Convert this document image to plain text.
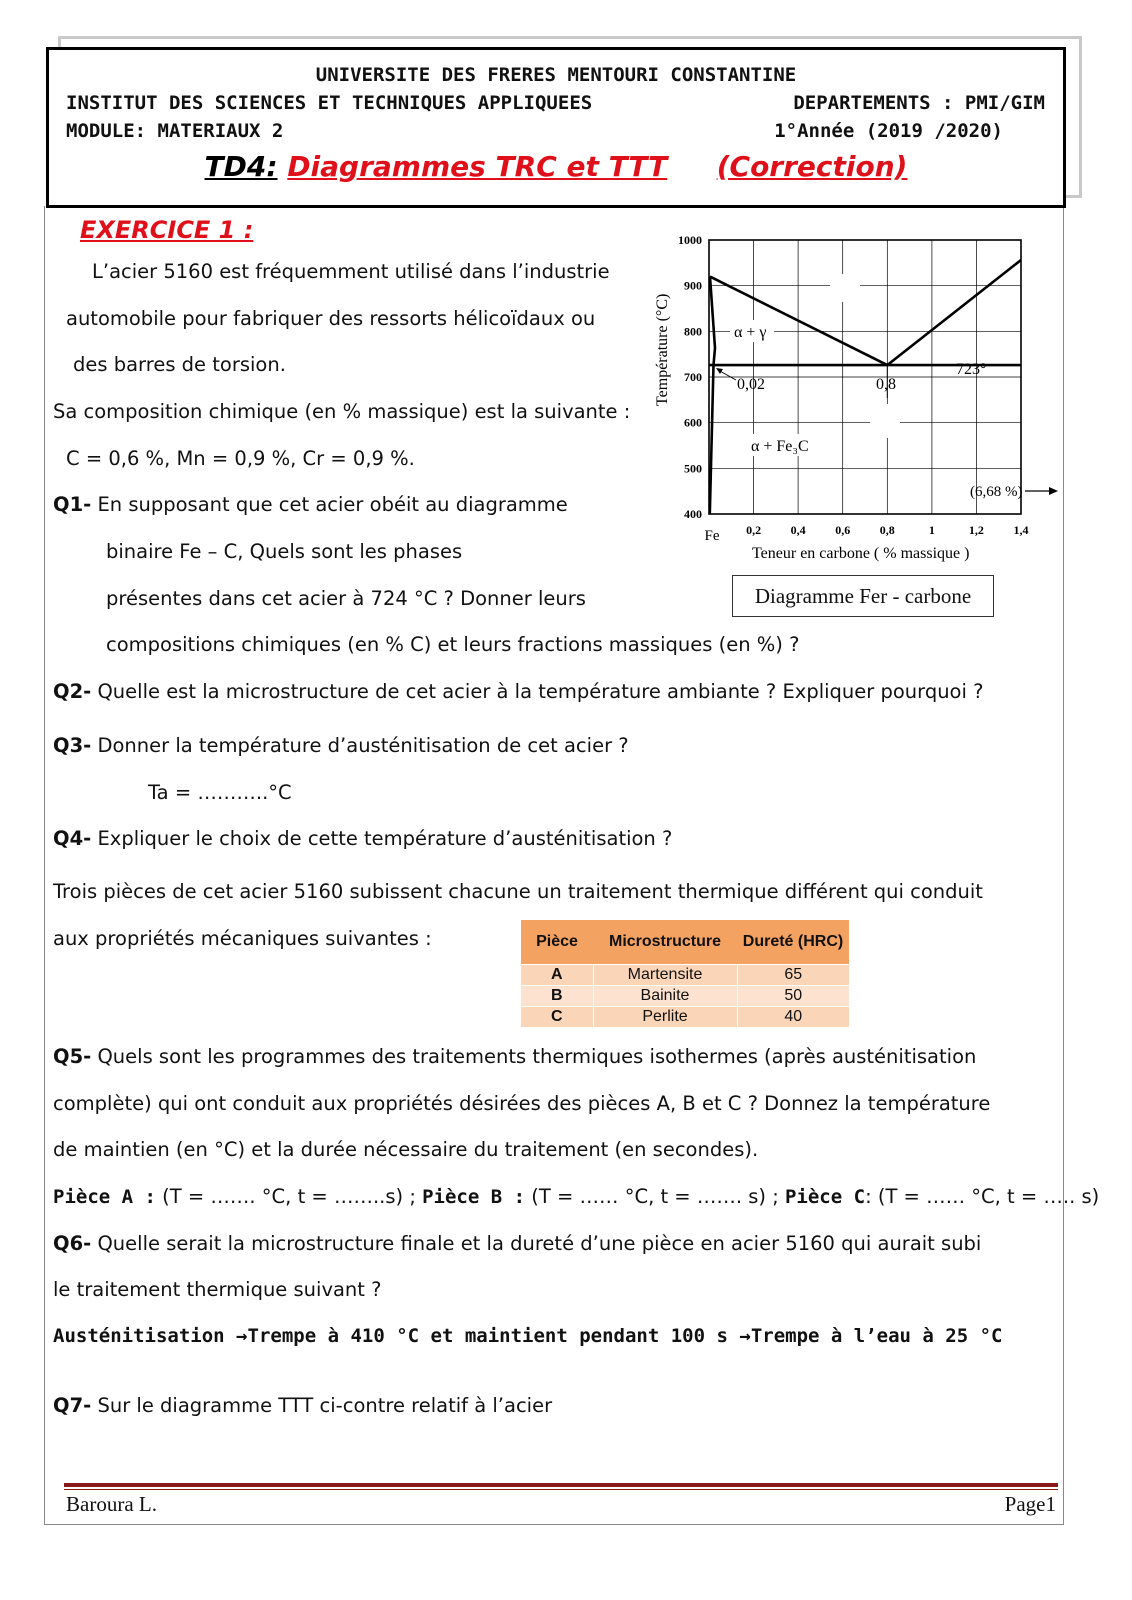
UNIVERSITE DES FRERES MENTOURI CONSTANTINE
INSTITUT DES SCIENCES ET TECHNIQUES APPLIQUEES	DEPARTEMENTS : PMI/GIM
MODULE: MATERIAUX 2	1°Année (2019 /2020)
TD4: Diagrammes TRC et TTT (Correction)
EXERCICE 1 :
L’acier 5160 est fréquemment utilisé dans l’industrie
automobile pour fabriquer des ressorts hélicoïdaux ou
des barres de torsion.
Sa composition chimique (en % massique) est la suivante :
C = 0,6 %, Mn = 0,9 %, Cr = 0,9 %.
Q1- En supposant que cet acier obéit au diagramme
binaire Fe – C, Quels sont les phases
présentes dans cet acier à 724 °C ? Donner leurs
compositions chimiques (en % C) et leurs fractions massiques (en %) ?
Q2- Quelle est la microstructure de cet acier à la température ambiante ? Expliquer pourquoi ?
Q3- Donner la température d’austénitisation de cet acier ?
Ta = ………..°C
Q4- Expliquer le choix de cette température d’austénitisation ?
Trois pièces de cet acier 5160 subissent chacune un traitement thermique différent qui conduit
aux propriétés mécaniques suivantes :	Pièce	Microstructure	Dureté (HRC)
A	Martensite	65
B	Bainite	50
C	Perlite	40
Q5- Quels sont les programmes des traitements thermiques isothermes (après austénitisation
complète) qui ont conduit aux propriétés désirées des pièces A, B et C ? Donnez la température
de maintien (en °C) et la durée nécessaire du traitement (en secondes).
Pièce A : (T = ……. °C, t = ……..s) ; Pièce B : (T = …… °C, t = ……. s) ; Pièce C: (T = …… °C, t = ….. s)
Q6- Quelle serait la microstructure finale et la dureté d’une pièce en acier 5160 qui aurait subi
le traitement thermique suivant ?
Austénitisation →Trempe à 410 °C et maintient pendant 100 s →Trempe à l’eau à 25 °C
Q7- Sur le diagramme TTT ci-contre relatif à l’acier
1000
900
800
700
600
500
400
Fe 0,2 0,4 0,6 0,8	1	1,2 1,4
Teneur en carbone ( % massique )
Température (°C)	α + γ
α + Fe₃C
723°
0,02	0,8
(6,68 %)
Diagramme Fer - carbone
Baroura L.	Page1
